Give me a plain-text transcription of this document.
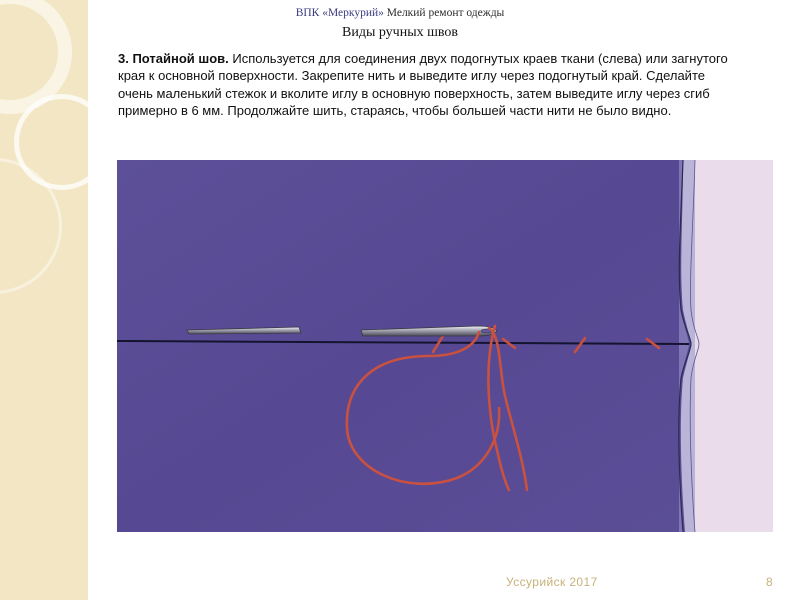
ВПК «Меркурий» Мелкий ремонт одежды
Виды ручных швов
3. Потайной шов. Используется для соединения двух подогнутых краев ткани (слева) или загнутого края к основной поверхности. Закрепите нить и выведите иглу через подогнутый край. Сделайте очень маленький стежок и вколите иглу в основную поверхность, затем выведите иглу через сгиб примерно в 6 мм. Продолжайте шить, стараясь, чтобы большей части нити не было видно.
Уссурийск 2017	8
